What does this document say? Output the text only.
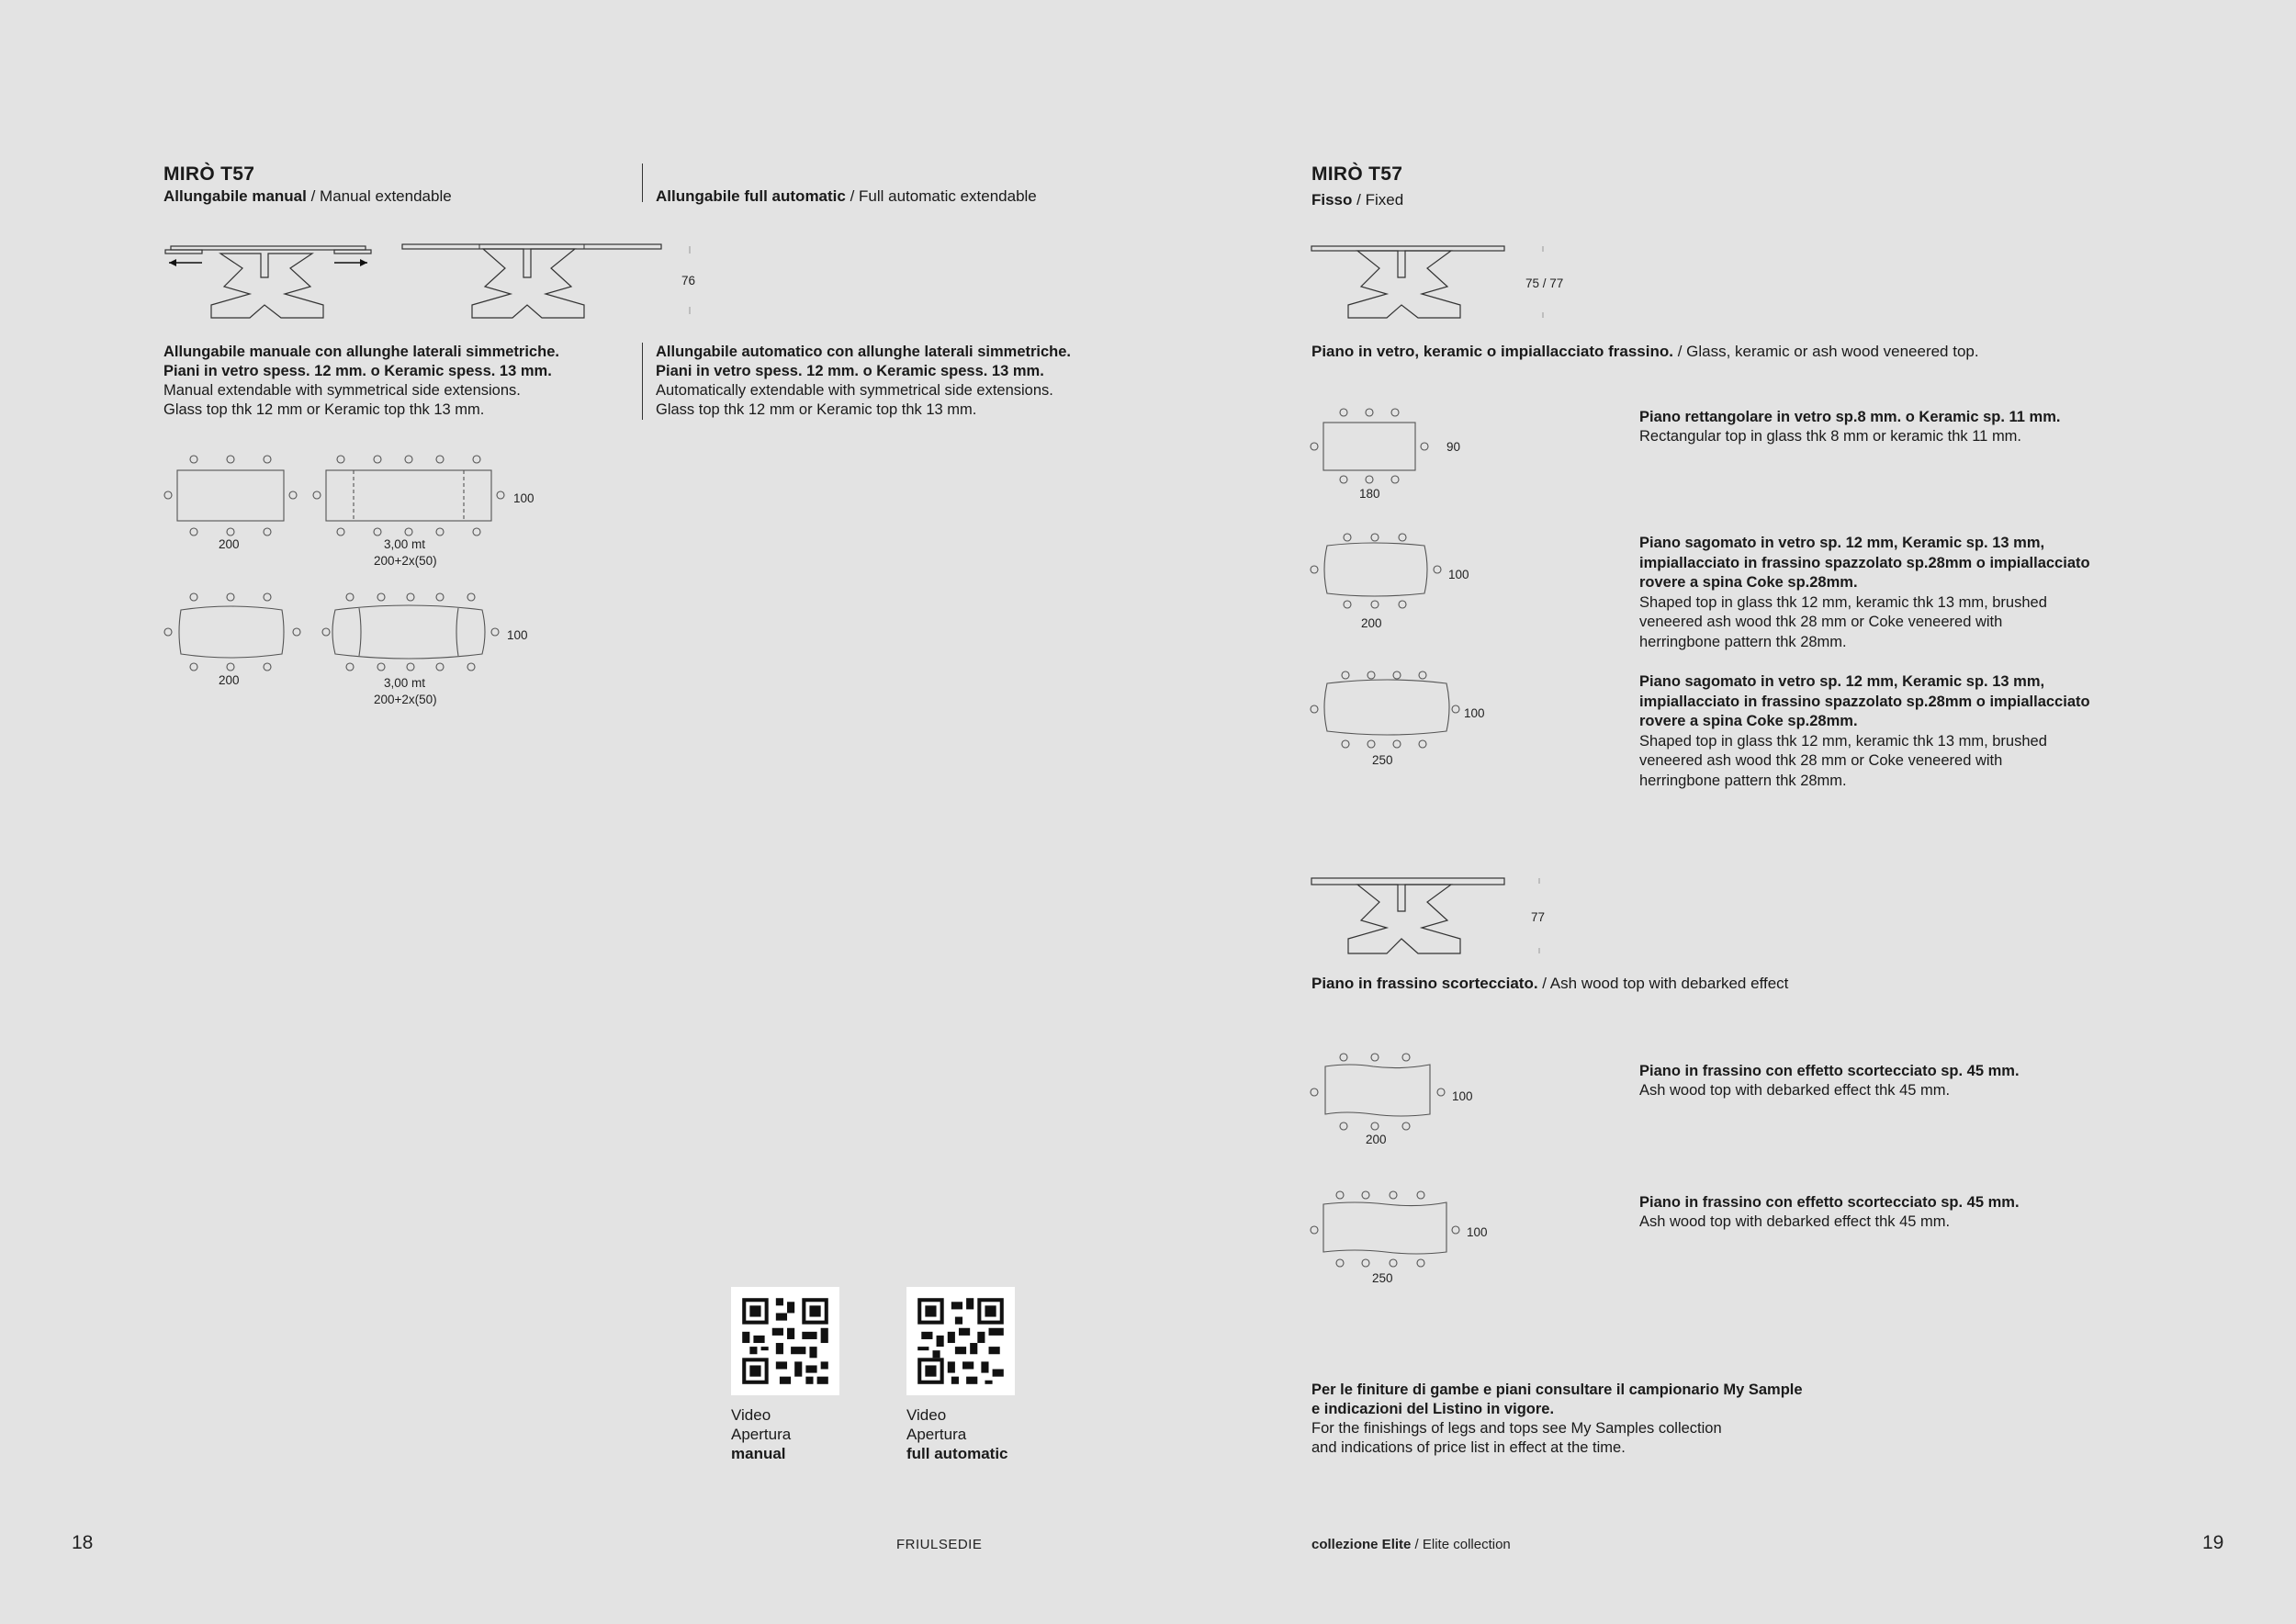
MIRÒ T57
Allungabile manual / Manual extendable	Allungabile full automatic / Full automatic extendable
76
Allungabile manuale con allunghe laterali simmetriche.
Piani in vetro spess. 12 mm. o Keramic spess. 13 mm.
Manual extendable with symmetrical side extensions.
Glass top thk 12 mm or Keramic top thk 13 mm.
Allungabile automatico con allunghe laterali simmetriche.
Piani in vetro spess. 12 mm. o Keramic spess. 13 mm.
Automatically extendable with symmetrical side extensions.
Glass top thk 12 mm or Keramic top thk 13 mm.
200	3,00 mt
200+2x(50)
100
200	3,00 mt
200+2x(50)
100
Video
Apertura
manual
Video
Apertura
full automatic
18	FRIULSEDIE
MIRÒ T57
Fisso / Fixed
75 / 77
Piano in vetro, keramic o impiallacciato frassino. / Glass, keramic or ash wood veneered top.
180
90
Piano rettangolare in vetro sp.8 mm. o Keramic sp. 11 mm.
Rectangular top in glass thk 8 mm or keramic thk 11 mm.
200
100
Piano sagomato in vetro sp. 12 mm, Keramic sp. 13 mm,
impiallacciato in frassino spazzolato sp.28mm o impiallacciato
rovere a spina Coke sp.28mm.
Shaped top in glass thk 12 mm, keramic thk 13 mm, brushed
veneered ash wood thk 28 mm or Coke veneered with
herringbone pattern thk 28mm.
250
100
Piano sagomato in vetro sp. 12 mm, Keramic sp. 13 mm,
impiallacciato in frassino spazzolato sp.28mm o impiallacciato
rovere a spina Coke sp.28mm.
Shaped top in glass thk 12 mm, keramic thk 13 mm, brushed
veneered ash wood thk 28 mm or Coke veneered with
herringbone pattern thk 28mm.
77
Piano in frassino scortecciato. / Ash wood top with debarked effect
200
100
Piano in frassino con effetto scortecciato sp. 45 mm.
Ash wood top with debarked effect thk 45 mm.
250
100
Piano in frassino con effetto scortecciato sp. 45 mm.
Ash wood top with debarked effect thk 45 mm.
Per le finiture di gambe e piani consultare il campionario My Sample
e indicazioni del Listino in vigore.
For the finishings of legs and tops see My Samples collection
and indications of price list in effect at the time.
collezione Elite / Elite collection	19
